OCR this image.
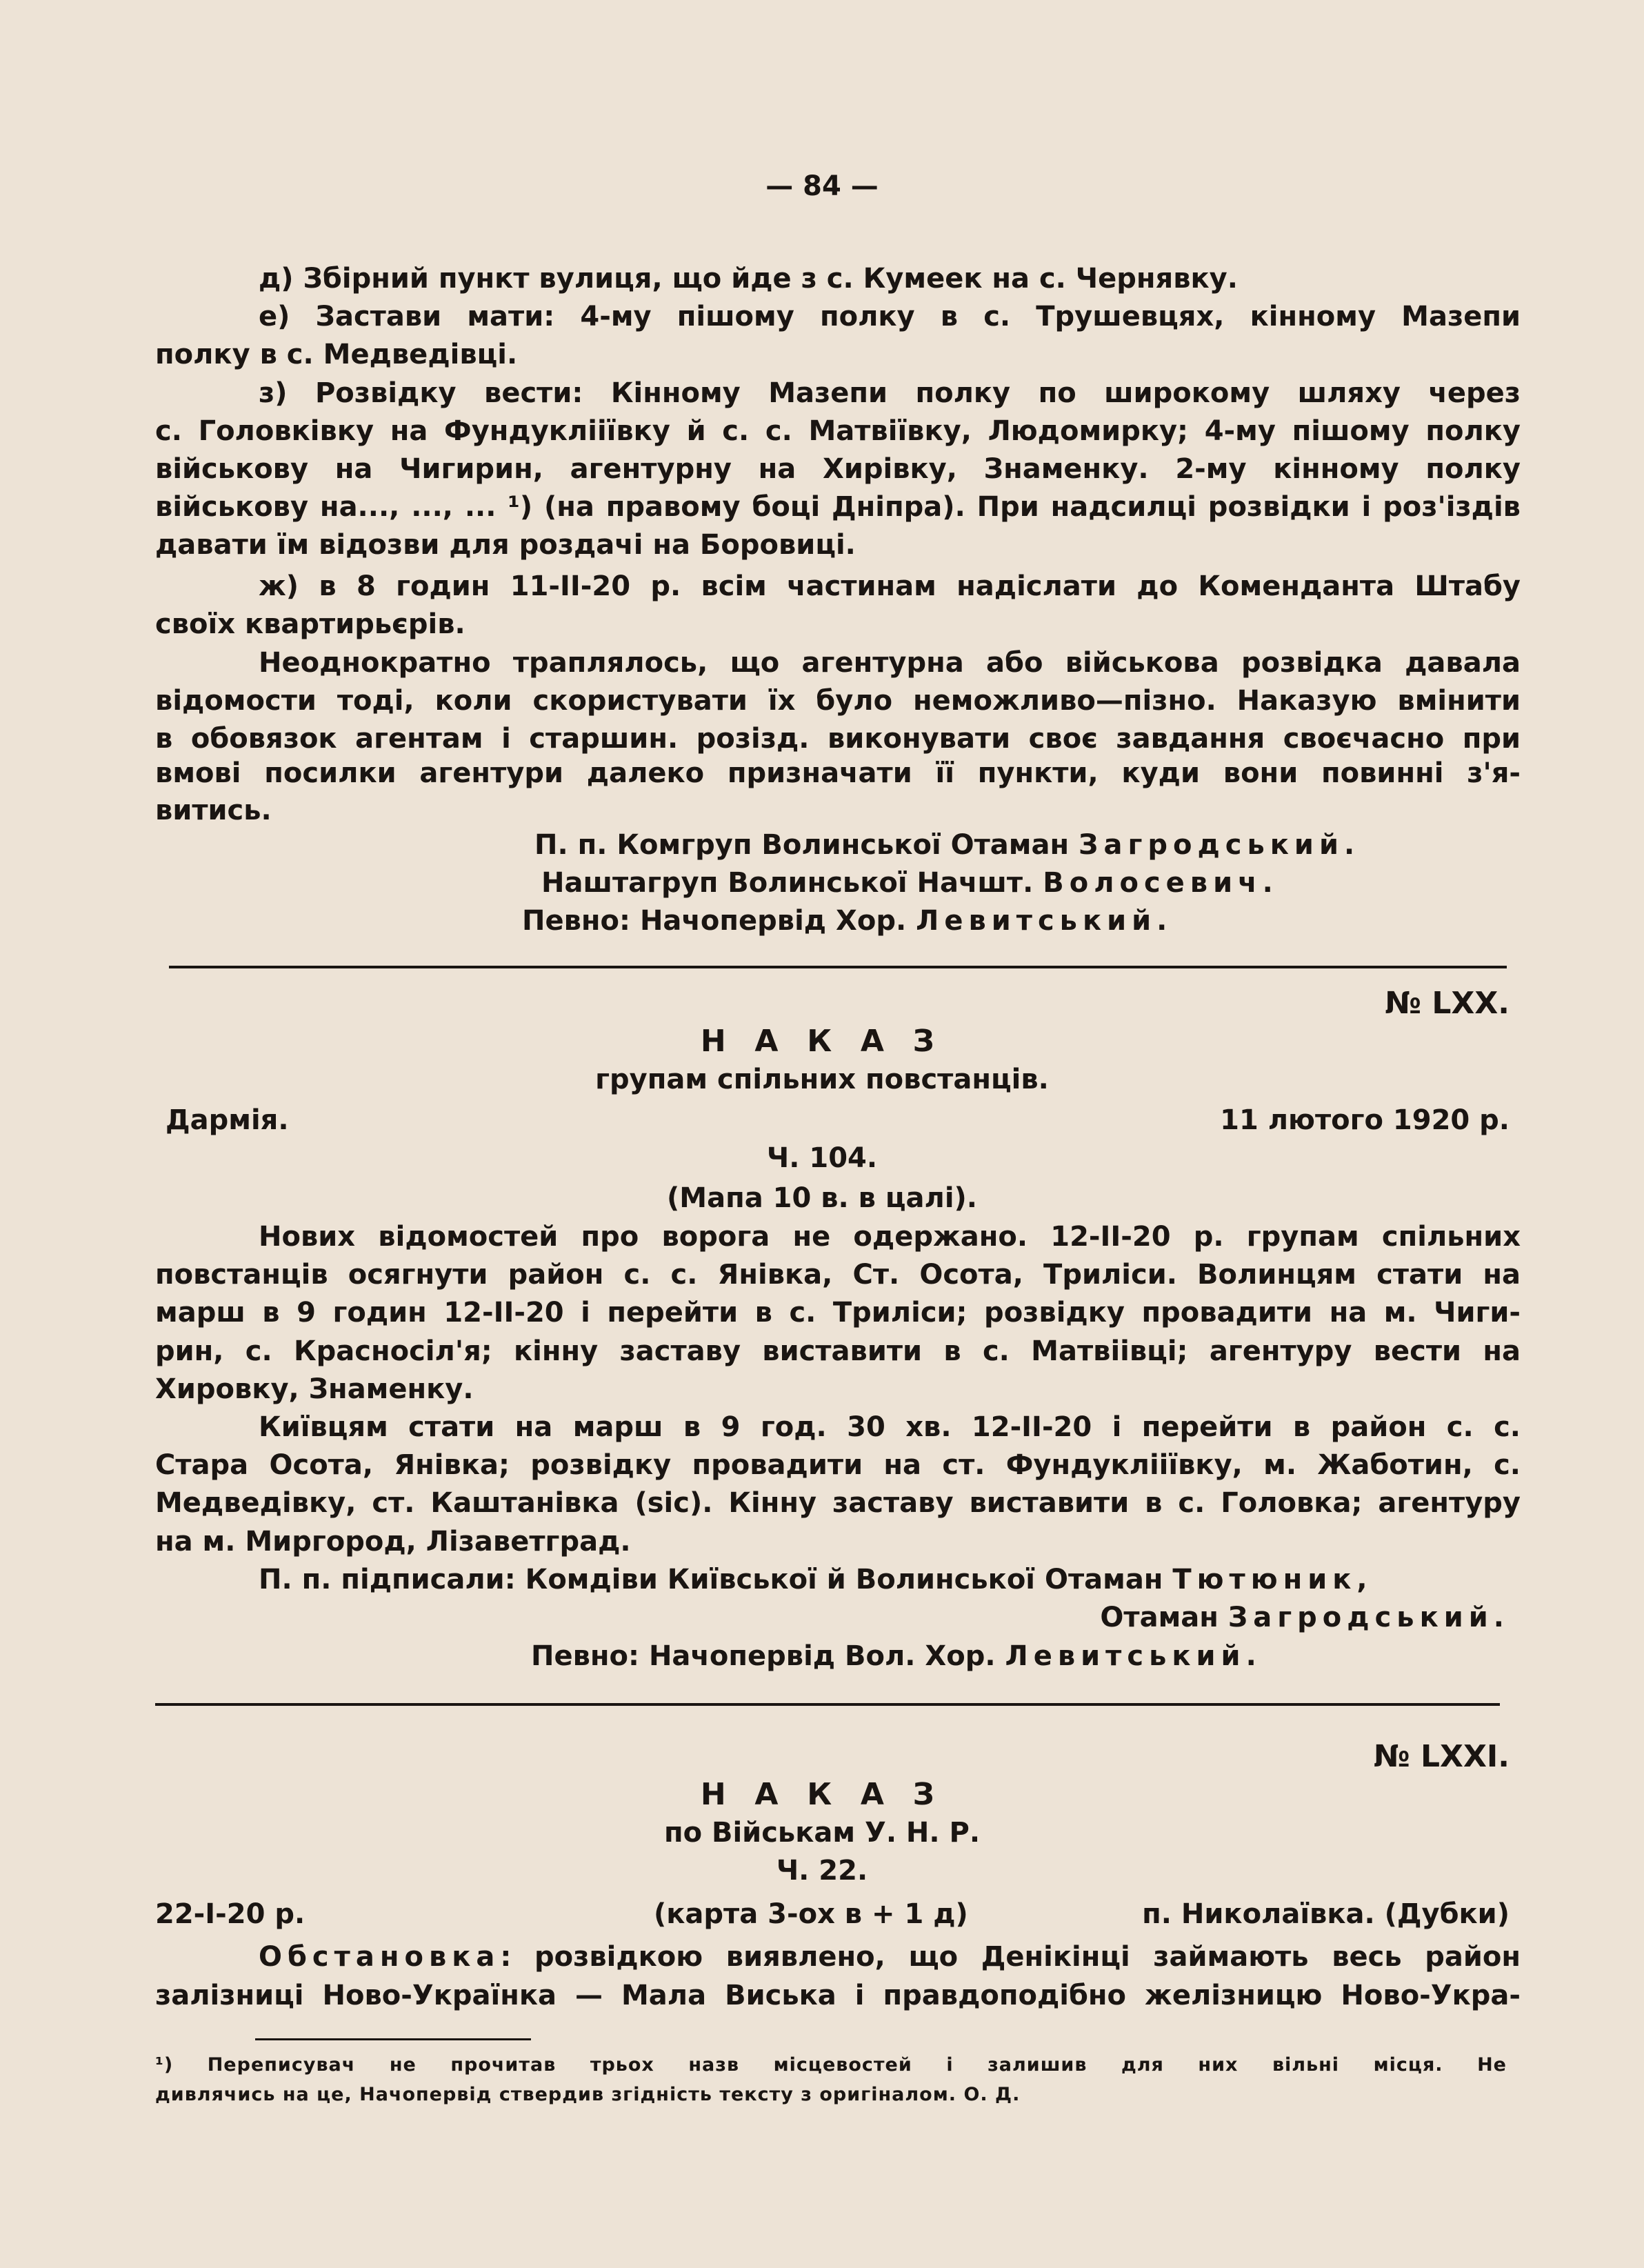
— 84 —

д) Збірний пункт вулиця, що йде з с. Кумеек на с. Чернявку.

е) Застави мати: 4-му пішому полку в с. Трушевцях, кінному Мазепи

полку в с. Медведівці.

з) Розвідку вести: Кінному Мазепи полку по широкому шляху через

с. Головківку на Фундуклііївку й с. с. Матвіївку, Людомирку; 4-му пішому полку

військову на Чигирин, агентурну на Хирівку, Знаменку. 2-му кінному полку

військову на..., ..., ... ¹) (на правому боці Дніпра). При надсилці розвідки і роз'іздів

давати їм відозви для роздачі на Боровиці.

ж) в 8 годин 11-ІІ-20 р. всім частинам надіслати до Коменданта Штабу

своїх квартирьєрів.

Неоднократно траплялось, що агентурна або військова розвідка давала

відомости тоді, коли скористувати їх було неможливо—пізно. Наказую вмінити

в обовязок агентам і старшин. розізд. виконувати своє завдання своєчасно при

вмові посилки агентури далеко призначати її пункти, куди вони повинні з'я-

витись.

П. п. Комгруп Волинської Отаман Загродський.

Наштагруп Волинської Начшт. Волосевич.

Певно: Начопервід Хор. Левитський.

№ LXX.

Н А К А З

групам спільних повстанців.

Дармія.	11 лютого 1920 р.

Ч. 104.

(Мапа 10 в. в цалі).

Нових відомостей про ворога не одержано. 12-ІІ-20 р. групам спільних

повстанців осягнути район с. с. Янівка, Ст. Осота, Триліси. Волинцям стати на

марш в 9 годин 12-ІІ-20 і перейти в с. Триліси; розвідку провадити на м. Чиги-

рин, с. Красносіл'я; кінну заставу виставити в с. Матвіівці; агентуру вести на

Хировку, Знаменку.

Київцям стати на марш в 9 год. 30 хв. 12-ІІ-20 і перейти в район с. с.

Стара Осота, Янівка; розвідку провадити на ст. Фундуклііївку, м. Жаботин, с.

Медведівку, ст. Каштанівка (sic). Кінну заставу виставити в с. Головка; агентуру

на м. Миргород, Лізаветград.

П. п. підписали: Комдіви Київської й Волинської Отаман Тютюник,

Отаман Загродський.

Певно: Начопервід Вол. Хор. Левитський.

№ LXXI.

Н А К А З

по Військам У. Н. Р.

Ч. 22.

22-І-20 р.	(карта 3-ох в + 1 д)	п. Николаївка. (Дубки)

Обстановка: розвідкою виявлено, що Денікінці займають весь район

залізниці Ново-Українка — Мала Виська і правдоподібно желізницю Ново-Укра-

¹) Переписувач не прочитав трьох назв місцевостей і залишив для них вільні місця. Не

дивлячись на це, Начопервід ствердив згідність тексту з оригіналом. О. Д.
